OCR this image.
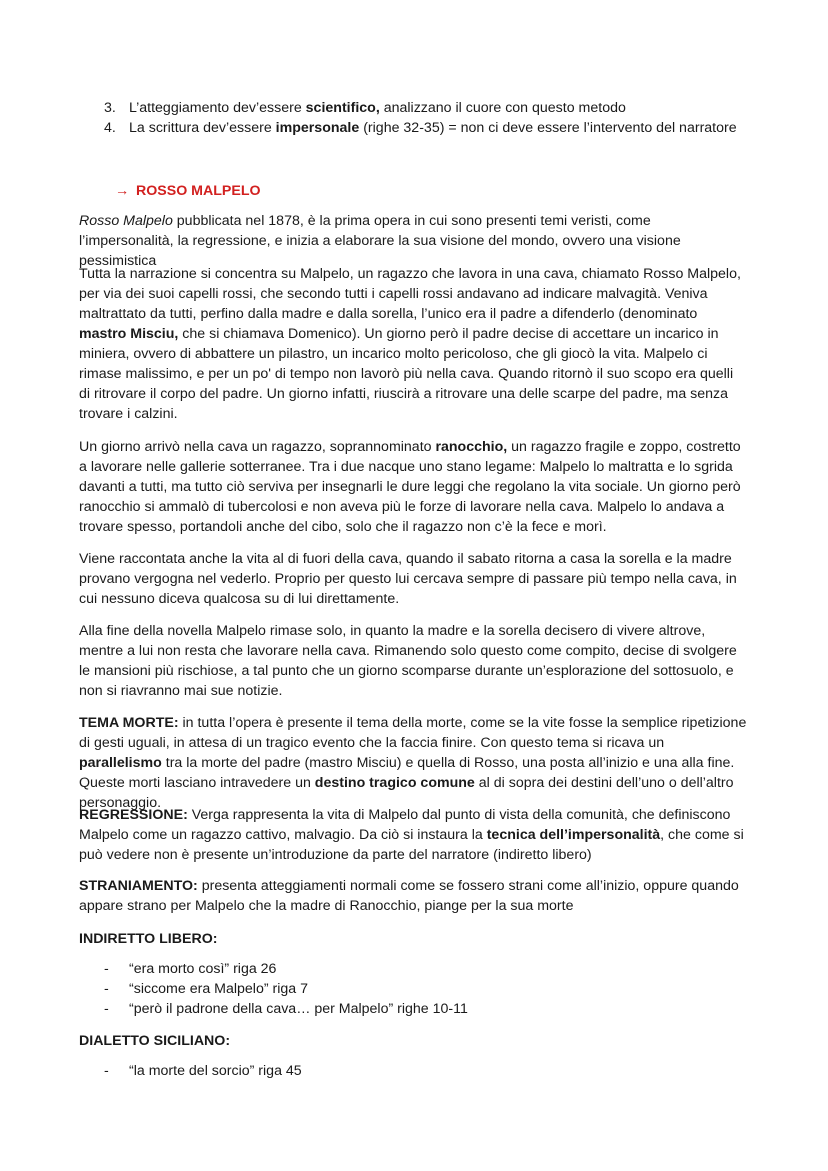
3. L’atteggiamento dev’essere scientifico, analizzano il cuore con questo metodo
4. La scrittura dev’essere impersonale (righe 32-35) = non ci deve essere l’intervento del narratore
→ ROSSO MALPELO

Rosso Malpelo pubblicata nel 1878, è la prima opera in cui sono presenti temi veristi, come l’impersonalità, la regressione, e inizia a elaborare la sua visione del mondo, ovvero una visione pessimistica

Tutta la narrazione si concentra su Malpelo, un ragazzo che lavora in una cava, chiamato Rosso Malpelo, per via dei suoi capelli rossi, che secondo tutti i capelli rossi andavano ad indicare malvagità. Veniva maltrattato da tutti, perfino dalla madre e dalla sorella, l’unico era il padre a difenderlo (denominato mastro Misciu, che si chiamava Domenico). Un giorno però il padre decise di accettare un incarico in miniera, ovvero di abbattere un pilastro, un incarico molto pericoloso, che gli giocò la vita. Malpelo ci rimase malissimo, e per un po' di tempo non lavorò più nella cava. Quando ritornò il suo scopo era quelli di ritrovare il corpo del padre. Un giorno infatti, riuscirà a ritrovare una delle scarpe del padre, ma senza trovare i calzini.

Un giorno arrivò nella cava un ragazzo, soprannominato ranocchio, un ragazzo fragile e zoppo, costretto a lavorare nelle gallerie sotterranee. Tra i due nacque uno stano legame: Malpelo lo maltratta e lo sgrida davanti a tutti, ma tutto ciò serviva per insegnarli le dure leggi che regolano la vita sociale. Un giorno però ranocchio si ammalò di tubercolosi e non aveva più le forze di lavorare nella cava. Malpelo lo andava a trovare spesso, portandoli anche del cibo, solo che il ragazzo non c’è la fece e morì.

Viene raccontata anche la vita al di fuori della cava, quando il sabato ritorna a casa la sorella e la madre provano vergogna nel vederlo. Proprio per questo lui cercava sempre di passare più tempo nella cava, in cui nessuno diceva qualcosa su di lui direttamente.

Alla fine della novella Malpelo rimase solo, in quanto la madre e la sorella decisero di vivere altrove, mentre a lui non resta che lavorare nella cava. Rimanendo solo questo come compito, decise di svolgere le mansioni più rischiose, a tal punto che un giorno scomparse durante un’esplorazione del sottosuolo, e non si riavranno mai sue notizie.

TEMA MORTE: in tutta l’opera è presente il tema della morte, come se la vite fosse la semplice ripetizione di gesti uguali, in attesa di un tragico evento che la faccia finire. Con questo tema si ricava un parallelismo tra la morte del padre (mastro Misciu) e quella di Rosso, una posta all’inizio e una alla fine. Queste morti lasciano intravedere un destino tragico comune al di sopra dei destini dell’uno o dell’altro personaggio.

REGRESSIONE: Verga rappresenta la vita di Malpelo dal punto di vista della comunità, che definiscono Malpelo come un ragazzo cattivo, malvagio. Da ciò si instaura la tecnica dell’impersonalità, che come si può vedere non è presente un’introduzione da parte del narratore (indiretto libero)

STRANIAMENTO: presenta atteggiamenti normali come se fossero strani come all’inizio, oppure quando appare strano per Malpelo che la madre di Ranocchio, piange per la sua morte

INDIRETTO LIBERO:
-	“era morto così” riga 26
-	“siccome era Malpelo” riga 7
-	“però il padrone della cava… per Malpelo” righe 10-11
DIALETTO SICILIANO:
-	“la morte del sorcio” riga 45
